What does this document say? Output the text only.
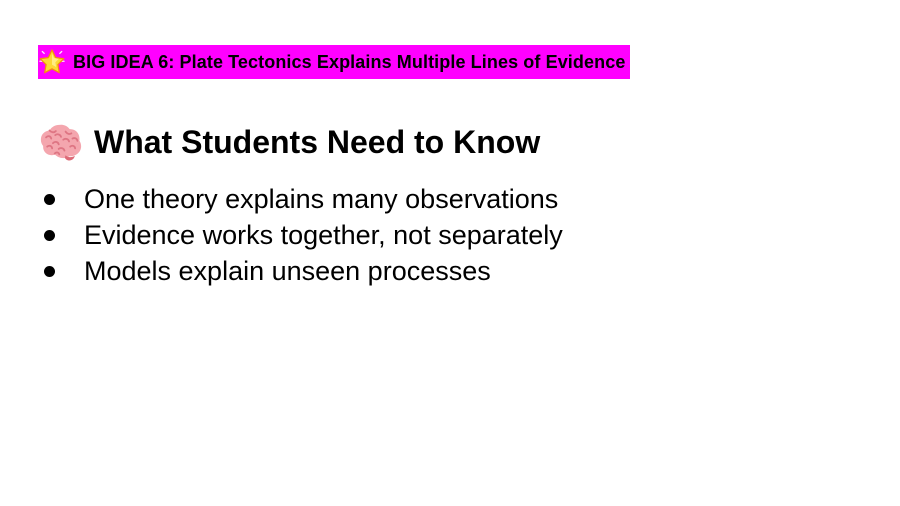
BIG IDEA 6: Plate Tectonics Explains Multiple Lines of Evidence
What Students Need to Know
One theory explains many observations
Evidence works together, not separately
Models explain unseen processes
